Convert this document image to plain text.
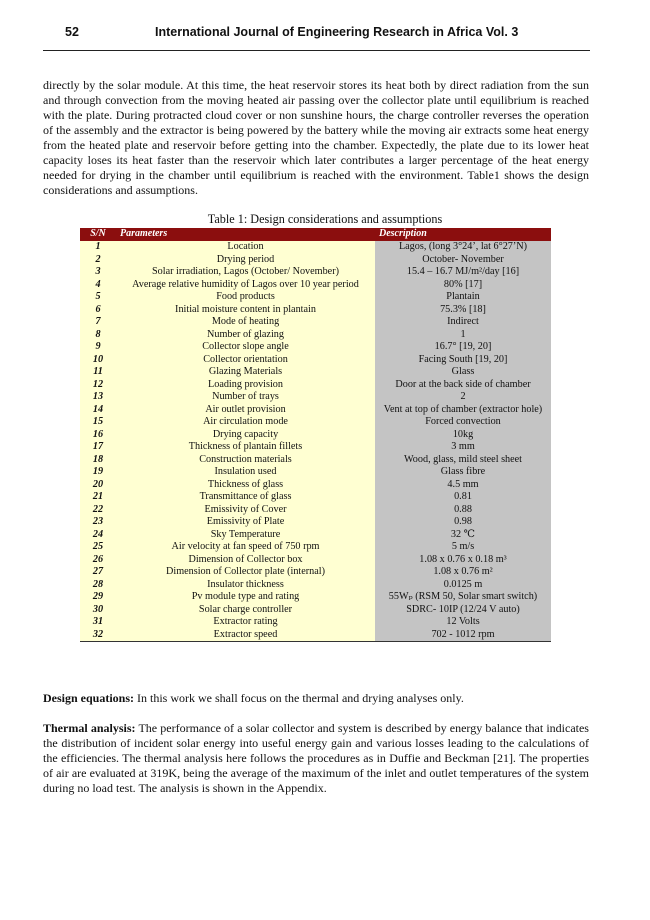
52	International Journal of Engineering Research in Africa Vol. 3

directly by the solar module. At this time, the heat reservoir stores its heat both by direct radiation from the sun and through convection from the moving heated air passing over the collector plate until equilibrium is reached with the plate. During protracted cloud cover or non sunshine hours, the charge controller reverses the operation of the assembly and the extractor is being powered by the battery while the moving air extracts some heat energy from the heated plate and reservoir before getting into the chamber. Expectedly, the plate due to its lower heat capacity loses its heat faster than the reservoir which later contributes a larger percentage of the heat energy needed for drying in the chamber until equilibrium is reached with the environment. Table1 shows the design considerations and assumptions.

Table 1: Design considerations and assumptions
S/N	Parameters	Description
1	Location	Lagos, (long 3°24’, lat 6°27’N)
2	Drying period	October- November
3	Solar irradiation, Lagos (October/ November)	15.4 – 16.7 MJ/m²/day [16]
4	Average relative humidity of Lagos over 10 year period	80% [17]
5	Food products	Plantain
6	Initial moisture content in plantain	75.3% [18]
7	Mode of heating	Indirect
8	Number of glazing	1
9	Collector slope angle	16.7° [19, 20]
10	Collector orientation	Facing South [19, 20]
11	Glazing Materials	Glass
12	Loading provision	Door at the back side of chamber
13	Number of trays	2
14	Air outlet provision	Vent at top of chamber (extractor hole)
15	Air circulation mode	Forced convection
16	Drying capacity	10kg
17	Thickness of plantain fillets	3 mm
18	Construction materials	Wood, glass, mild steel sheet
19	Insulation used	Glass fibre
20	Thickness of glass	4.5 mm
21	Transmittance of glass	0.81
22	Emissivity of Cover	0.88
23	Emissivity of Plate	0.98
24	Sky Temperature	32 ℃
25	Air velocity at fan speed of 750 rpm	5 m/s
26	Dimension of Collector box	1.08 x 0.76 x 0.18 m³
27	Dimension of Collector plate (internal)	1.08 x 0.76 m²
28	Insulator thickness	0.0125 m
29	Pv module type and rating	55Wₚ (RSM 50, Solar smart switch)
30	Solar charge controller	SDRC- 10IP (12/24 V auto)
31	Extractor rating	12 Volts
32	Extractor speed	702 - 1012 rpm

Design equations: In this work we shall focus on the thermal and drying analyses only.

Thermal analysis: The performance of a solar collector and system is described by energy balance that indicates the distribution of incident solar energy into useful energy gain and various losses leading to the calculations of the efficiencies. The thermal analysis here follows the procedures as in Duffie and Beckman [21]. The properties of air are evaluated at 319K, being the average of the maximum of the inlet and outlet temperatures of the system during no load test. The analysis is shown in the Appendix.
